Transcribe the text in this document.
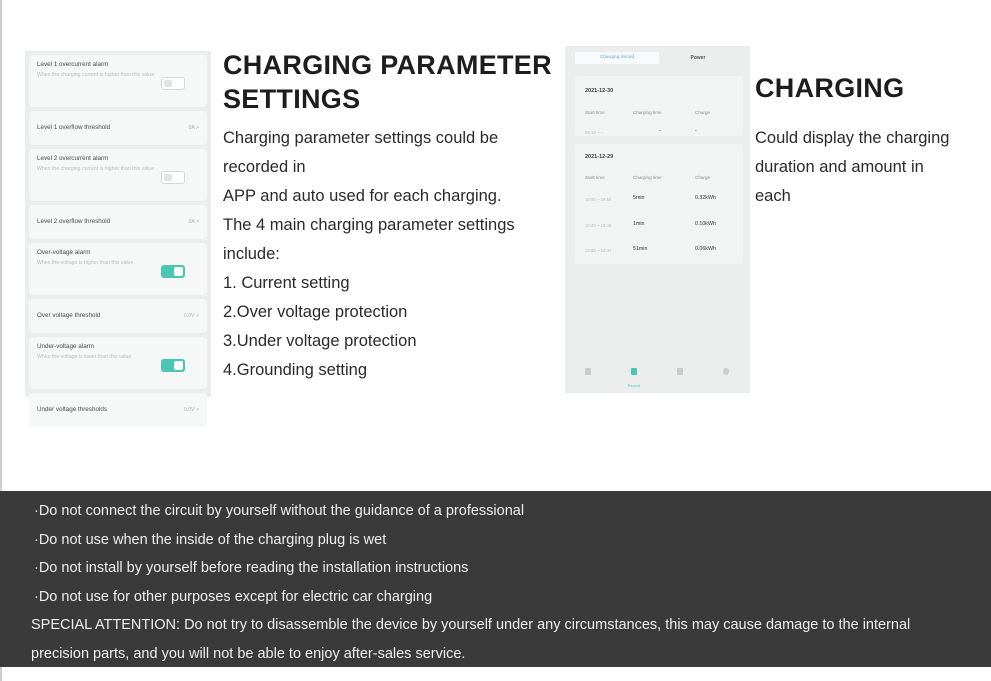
Level 1 overcurrent alarm
When the charging current is higher than this value
Level 1 overflow threshold	0A >
Level 2 overcurrent alarm
When the charging current is higher than this value
Level 2 overflow threshold	0A >
Over-voltage alarm
When the voltage is higher than this value
Over voltage threshold	0.0V >
Under-voltage alarm
When the voltage is lower than this value
Under voltage thresholds	0.0V >
CHARGING PARAMETER SETTINGS
Charging parameter settings could be
recorded in
APP and auto used for each charging.
The 4 main charging parameter settings
include:
1. Current setting
2.Over voltage protection
3.Under voltage protection
4.Grounding setting
Charging record	Power
2021-12-30
Start time	Charging time	Charge
09:16 ~ --	-	-
2021-12-29
Start time	Charging time	Charge
16:50 ~ 16:55	5min	0.32kWh
16:46 ~ 16:46	1min	0.10kWh
15:55 ~ 16:47	51min	0.06kWh
Record
CHARGING
Could display the charging
duration and amount in
each
·Do not connect the circuit by yourself without the guidance of a professional
·Do not use when the inside of the charging plug is wet
·Do not install by yourself before reading the installation instructions
·Do not use for other purposes except for electric car charging
SPECIAL ATTENTION: Do not try to disassemble the device by yourself under any circumstances, this may cause damage to the internal
precision parts, and you will not be able to enjoy after-sales service.
